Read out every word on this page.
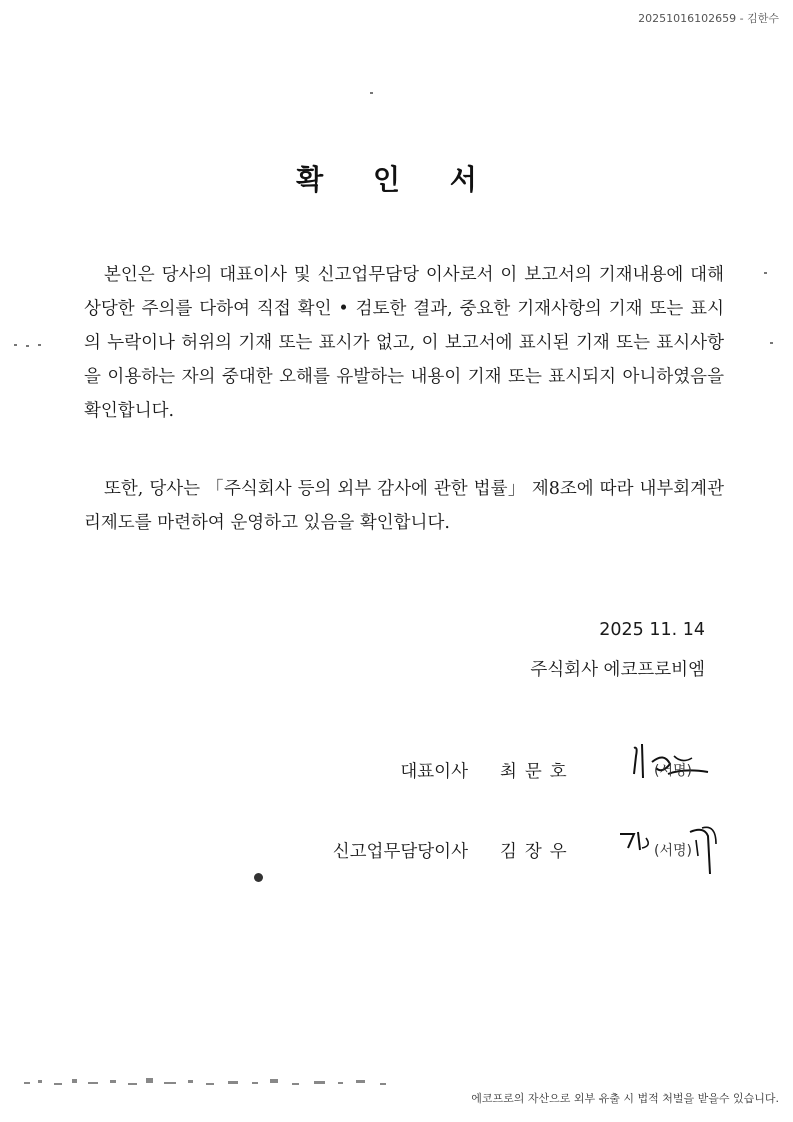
20251016102659 - 김한수
확 인 서

본인은 당사의 대표이사 및 신고업무담당 이사로서 이 보고서의 기재내용에 대해 상당한 주의를 다하여 직접 확인 • 검토한 결과, 중요한 기재사항의 기재 또는 표시의 누락이나 허위의 기재 또는 표시가 없고, 이 보고서에 표시된 기재 또는 표시사항을 이용하는 자의 중대한 오해를 유발하는 내용이 기재 또는 표시되지 아니하였음을 확인합니다.

또한, 당사는 「주식회사 등의 외부 감사에 관한 법률」 제8조에 따라 내부회계관리제도를 마련하여 운영하고 있음을 확인합니다.

2025 11. 14
주식회사 에코프로비엠
대표이사 최문호	(서명)
신고업무담당이사 김장우	(서명)
에코프로의 자산으로 외부 유출 시 법적 처벌을 받을수 있습니다.
